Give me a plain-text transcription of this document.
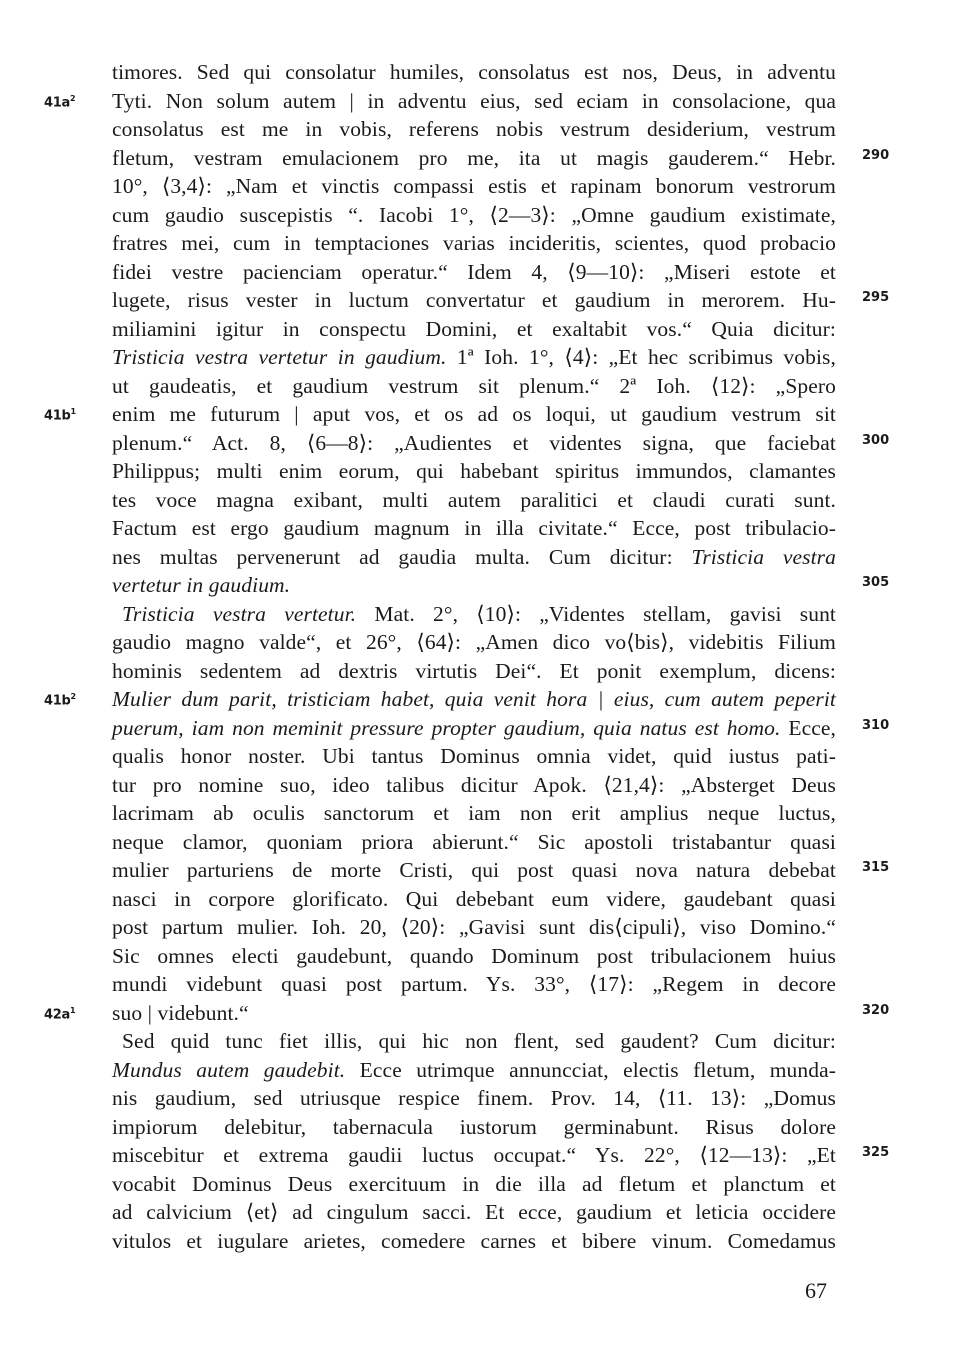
timores. Sed qui consolatur humiles, consolatus est nos, Deus, in adventu
Tyti. Non solum autem | in adventu eius, sed eciam in consolacione, qua
consolatus est me in vobis, referens nobis vestrum desiderium, vestrum
fletum, vestram emulacionem pro me, ita ut magis gauderem.“ Hebr.
10°, ⟨3,4⟩: „Nam et vinctis compassi estis et rapinam bonorum vestrorum
cum gaudio suscepistis “. Iacobi 1°, ⟨2—3⟩: „Omne gaudium existimate,
fratres mei, cum in temptaciones varias incideritis, scientes, quod probacio
fidei vestre pacienciam operatur.“ Idem 4, ⟨9—10⟩: „Miseri estote et
lugete, risus vester in luctum convertatur et gaudium in merorem. Hu-
miliamini igitur in conspectu Domini, et exaltabit vos.“ Quia dicitur:
Tristicia vestra vertetur in gaudium. 1ª Ioh. 1°, ⟨4⟩: „Et hec scribimus vobis,
ut gaudeatis, et gaudium vestrum sit plenum.“ 2ª Ioh. ⟨12⟩: „Spero
enim me futurum | aput vos, et os ad os loqui, ut gaudium vestrum sit
plenum.“ Act. 8, ⟨6—8⟩: „Audientes et videntes signa, que faciebat
Philippus; multi enim eorum, qui habebant spiritus immundos, clamantes
tes voce magna exibant, multi autem paralitici et claudi curati sunt.
Factum est ergo gaudium magnum in illa civitate.“ Ecce, post tribulacio-
nes multas pervenerunt ad gaudia multa. Cum dicitur: Tristicia vestra
vertetur in gaudium.
Tristicia vestra vertetur. Mat. 2°, ⟨10⟩: „Videntes stellam, gavisi sunt
gaudio magno valde“, et 26°, ⟨64⟩: „Amen dico vo⟨bis⟩, videbitis Filium
hominis sedentem ad dextris virtutis Dei“. Et ponit exemplum, dicens:
Mulier dum parit, tristiciam habet, quia venit hora | eius, cum autem peperit
puerum, iam non meminit pressure propter gaudium, quia natus est homo. Ecce,
qualis honor noster. Ubi tantus Dominus omnia videt, quid iustus pati-
tur pro nomine suo, ideo talibus dicitur Apok. ⟨21,4⟩: „Absterget Deus
lacrimam ab oculis sanctorum et iam non erit amplius neque luctus,
neque clamor, quoniam priora abierunt.“ Sic apostoli tristabantur quasi
mulier parturiens de morte Cristi, qui post quasi nova natura debebat
nasci in corpore glorificato. Qui debebant eum videre, gaudebant quasi
post partum mulier. Ioh. 20, ⟨20⟩: „Gavisi sunt dis⟨cipuli⟩, viso Domino.“
Sic omnes electi gaudebunt, quando Dominum post tribulacionem huius
mundi videbunt quasi post partum. Ys. 33°, ⟨17⟩: „Regem in decore
suo | videbunt.“
Sed quid tunc fiet illis, qui hic non flent, sed gaudent? Cum dicitur:
Mundus autem gaudebit. Ecce utrimque annuncciat, electis fletum, munda-
nis gaudium, sed utriusque respice finem. Prov. 14, ⟨11. 13⟩: „Domus
impiorum delebitur, tabernacula iustorum germinabunt. Risus dolore
miscebitur et extrema gaudii luctus occupat.“ Ys. 22°, ⟨12—13⟩: „Et
vocabit Dominus Deus exercituum in die illa ad fletum et planctum et
ad calvicium ⟨et⟩ ad cingulum sacci. Et ecce, gaudium et leticia occidere
vitulos et iugulare arietes, comedere carnes et bibere vinum. Comedamus
$41a^2$
$41b^1$
$41b^2$
$42a^1$
290
295
300
305
310
315
320
325
67
